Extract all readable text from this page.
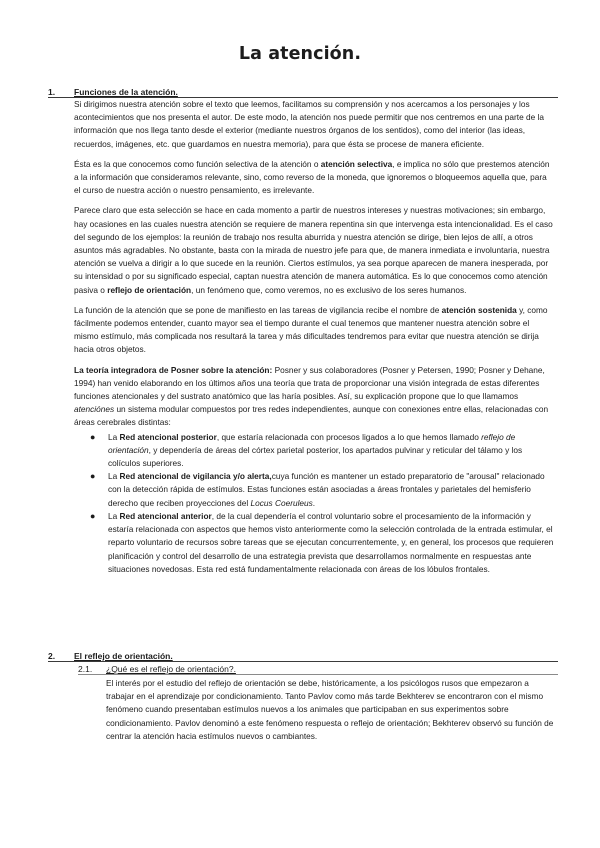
La atención.
1. Funciones de la atención.

Si dirigimos nuestra atención sobre el texto que leemos, facilitamos su comprensión y nos acercamos a los personajes y los acontecimientos que nos presenta el autor. De este modo, la atención nos puede permitir que nos centremos en una parte de la información que nos llega tanto desde el exterior (mediante nuestros órganos de los sentidos), como del interior (las ideas, recuerdos, imágenes, etc. que guardamos en nuestra memoria), para que ésta se procese de manera eficiente.

Ésta es la que conocemos como función selectiva de la atención o atención selectiva, e implica no sólo que prestemos atención a la información que consideramos relevante, sino, como reverso de la moneda, que ignoremos o bloqueemos aquella que, para el curso de nuestra acción o nuestro pensamiento, es irrelevante.

Parece claro que esta selección se hace en cada momento a partir de nuestros intereses y nuestras motivaciones; sin embargo, hay ocasiones en las cuales nuestra atención se requiere de manera repentina sin que intervenga esta intencionalidad. Es el caso del segundo de los ejemplos: la reunión de trabajo nos resulta aburrida y nuestra atención se dirige, bien lejos de allí, a otros asuntos más agradables. No obstante, basta con la mirada de nuestro jefe para que, de manera inmediata e involuntaria, nuestra atención se vuelva a dirigir a lo que sucede en la reunión. Ciertos estímulos, ya sea porque aparecen de manera inesperada, por su intensidad o por su significado especial, captan nuestra atención de manera automática. Es lo que conocemos como atención pasiva o reflejo de orientación, un fenómeno que, como veremos, no es exclusivo de los seres humanos.

La función de la atención que se pone de manifiesto en las tareas de vigilancia recibe el nombre de atención sostenida y, como fácilmente podemos entender, cuanto mayor sea el tiempo durante el cual tenemos que mantener nuestra atención sobre el mismo estímulo, más complicada nos resultará la tarea y más dificultades tendremos para evitar que nuestra atención se dirija hacia otros objetos.

La teoría integradora de Posner sobre la atención: Posner y sus colaboradores (Posner y Petersen, 1990; Posner y Dehane, 1994) han venido elaborando en los últimos años una teoría que trata de proporcionar una visión integrada de estas diferentes funciones atencionales y del sustrato anatómico que las haría posibles. Así, su explicación propone que lo que llamamos atenciónes un sistema modular compuestos por tres redes independientes, aunque con conexiones entre ellas, relacionadas con áreas cerebrales distintas:

● La Red atencional posterior, que estaría relacionada con procesos ligados a lo que hemos llamado reflejo de orientación, y dependería de áreas del córtex parietal posterior, los apartados pulvinar y reticular del tálamo y los colículos superiores.
● La Red atencional de vigilancia y/o alerta,cuya función es mantener un estado preparatorio de "arousal" relacionado con la detección rápida de estímulos. Estas funciones están asociadas a áreas frontales y parietales del hemisferio derecho que reciben proyecciones del Locus Coeruleus.
● La Red atencional anterior, de la cual dependería el control voluntario sobre el procesamiento de la información y estaría relacionada con aspectos que hemos visto anteriormente como la selección controlada de la entrada estimular, el reparto voluntario de recursos sobre tareas que se ejecutan concurrentemente, y, en general, los procesos que requieren planificación y control del desarrollo de una estrategia prevista que desarrollamos normalmente en respuestas ante situaciones novedosas. Esta red está fundamentalmente relacionada con áreas de los lóbulos frontales.
2. El reflejo de orientación.
2.1. ¿Qué es el reflejo de orientación?.

El interés por el estudio del reflejo de orientación se debe, históricamente, a los psicólogos rusos que empezaron a trabajar en el aprendizaje por condicionamiento. Tanto Pavlov como más tarde Bekhterev se encontraron con el mismo fenómeno cuando presentaban estímulos nuevos a los animales que participaban en sus experimentos sobre condicionamiento. Pavlov denominó a este fenómeno respuesta o reflejo de orientación; Bekhterev observó su función de centrar la atención hacia estímulos nuevos o cambiantes.
